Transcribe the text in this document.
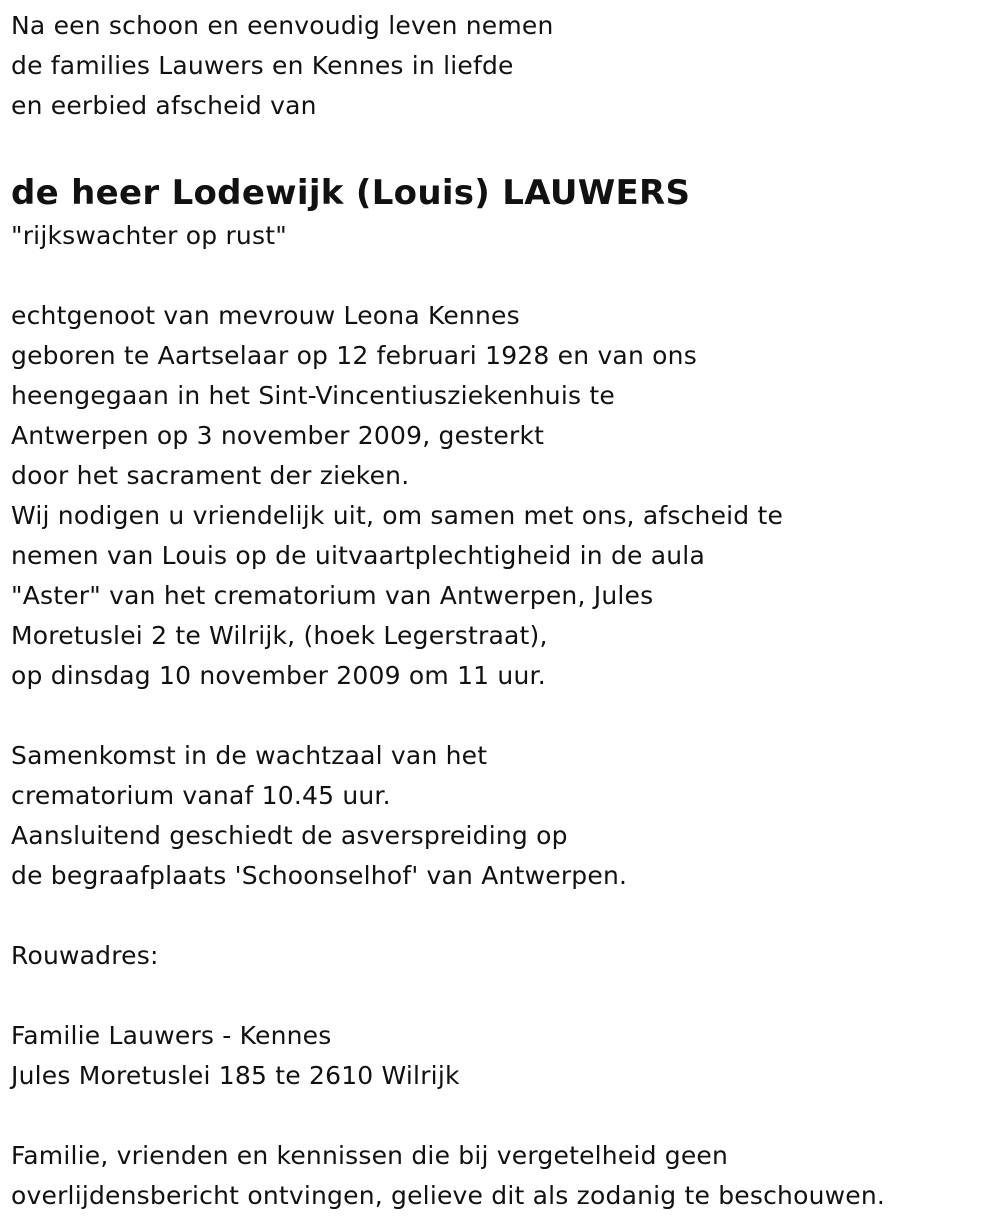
Na een schoon en eenvoudig leven nemen
de families Lauwers en Kennes in liefde
en eerbied afscheid van
de heer Lodewijk (Louis) LAUWERS
"rijkswachter op rust"
echtgenoot van mevrouw Leona Kennes
geboren te Aartselaar op 12 februari 1928 en van ons
heengegaan in het Sint-Vincentiusziekenhuis te
Antwerpen op 3 november 2009, gesterkt
door het sacrament der zieken.
Wij nodigen u vriendelijk uit, om samen met ons, afscheid te
nemen van Louis op de uitvaartplechtigheid in de aula
"Aster" van het crematorium van Antwerpen, Jules
Moretuslei 2 te Wilrijk, (hoek Legerstraat),
op dinsdag 10 november 2009 om 11 uur.
Samenkomst in de wachtzaal van het
crematorium vanaf 10.45 uur.
Aansluitend geschiedt de asverspreiding op
de begraafplaats 'Schoonselhof' van Antwerpen.
Rouwadres:
Familie Lauwers - Kennes
Jules Moretuslei 185 te 2610 Wilrijk
Familie, vrienden en kennissen die bij vergetelheid geen
overlijdensbericht ontvingen, gelieve dit als zodanig te beschouwen.
